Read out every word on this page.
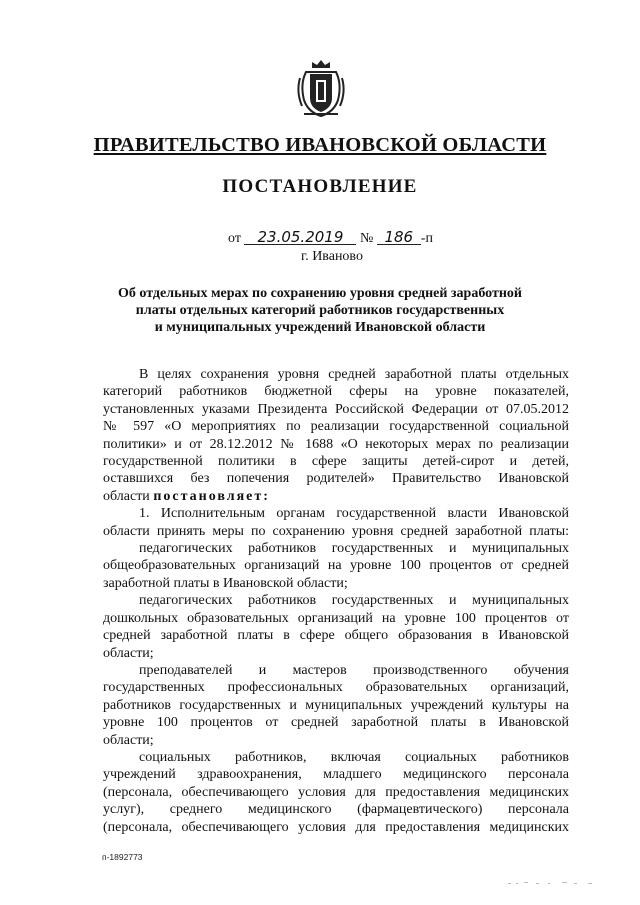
ПРАВИТЕЛЬСТВО ИВАНОВСКОЙ ОБЛАСТИ
ПОСТАНОВЛЕНИЕ
от 23.05.2019 № 186 -п
г. Иваново
Об отдельных мерах по сохранению уровня средней заработной
платы отдельных категорий работников государственных
и муниципальных учреждений Ивановской области
В целях сохранения уровня средней заработной платы отдельных
категорий работников бюджетной сферы на уровне показателей,
установленных указами Президента Российской Федерации от 07.05.2012
№ 597 «О мероприятиях по реализации государственной социальной
политики» и от 28.12.2012 № 1688 «О некоторых мерах по реализации
государственной политики в сфере защиты детей-сирот и детей,
оставшихся без попечения родителей» Правительство Ивановской
области постановляет:
1. Исполнительным органам государственной власти Ивановской
области принять меры по сохранению уровня средней заработной платы:
педагогических работников государственных и муниципальных
общеобразовательных организаций на уровне 100 процентов от средней
заработной платы в Ивановской области;
педагогических работников государственных и муниципальных
дошкольных образовательных организаций на уровне 100 процентов от
средней заработной платы в сфере общего образования в Ивановской
области;
преподавателей и мастеров производственного обучения
государственных профессиональных образовательных организаций,
работников государственных и муниципальных учреждений культуры на
уровне 100 процентов от средней заработной платы в Ивановской
области;
социальных работников, включая социальных работников
учреждений здравоохранения, младшего медицинского персонала
(персонала, обеспечивающего условия для предоставления медицинских
услуг), среднего медицинского (фармацевтического) персонала
(персонала, обеспечивающего условия для предоставления медицинских
п-1892773
